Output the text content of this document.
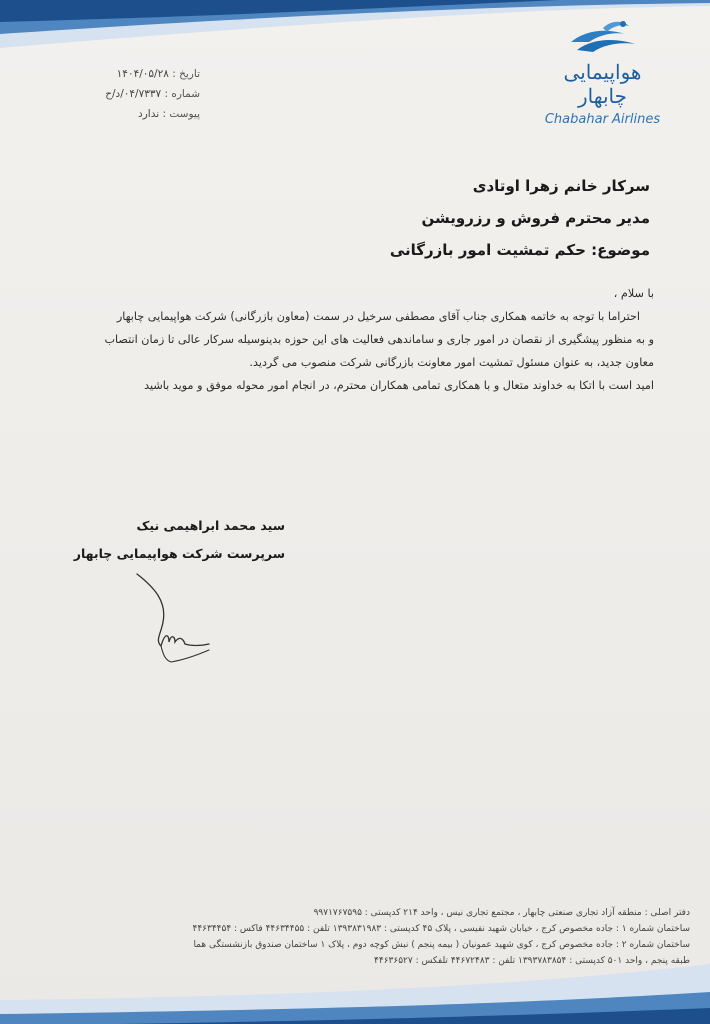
هواپیمایی چابهار
Chabahar Airlines
تاریخ : ۱۴۰۴/۰۵/۲۸
شماره : ۰۴/۷۳۳۷/د/ح
پیوست : ندارد
سرکار خانم زهرا اوتادی
مدیر محترم فروش و رزرویشن
موضوع: حکم تمشیت امور بازرگانی

با سلام ،

احتراما با توجه به خاتمه همکاری جناب آقای مصطفی سرخیل در سمت (معاون بازرگانی) شرکت هواپیمایی چابهار

و به منظور پیشگیری از نقصان در امور جاری و ساماندهی فعالیت های این حوزه بدینوسیله سرکار عالی تا زمان انتصاب

معاون جدید، به عنوان مسئول تمشیت امور معاونت بازرگانی شرکت منصوب می گردید.

امید است با اتکا به خداوند متعال و با همکاری تمامی همکاران محترم، در انجام امور محوله موفق و موید باشید

سید محمد ابراهیمی نیک
سرپرست شرکت هواپیمایی چابهار

دفتر اصلی : منطقه آزاد تجاری صنعتی چابهار ، مجتمع تجاری نیس ، واحد ۲۱۴ کدپستی : ۹۹۷۱۷۶۷۵۹۵

ساختمان شماره ۱ : جاده مخصوص کرج ، خیابان شهید نفیسی ، پلاک ۴۵ کدپستی : ۱۳۹۳۸۳۱۹۸۳ تلفن : ۴۴۶۳۴۴۵۵ فاکس : ۴۴۶۳۴۴۵۴

ساختمان شماره ۲ : جاده مخصوص کرج ، کوی شهید عمونیان ( بیمه پنجم ) نبش کوچه دوم ، پلاک ۱ ساختمان صندوق بازنشستگی هما

طبقه پنجم ، واحد ۵۰۱ کدپستی : ۱۳۹۳۷۸۳۸۵۴ تلفن : ۴۴۶۷۲۴۸۳ تلفکس : ۴۴۶۳۶۵۲۷
